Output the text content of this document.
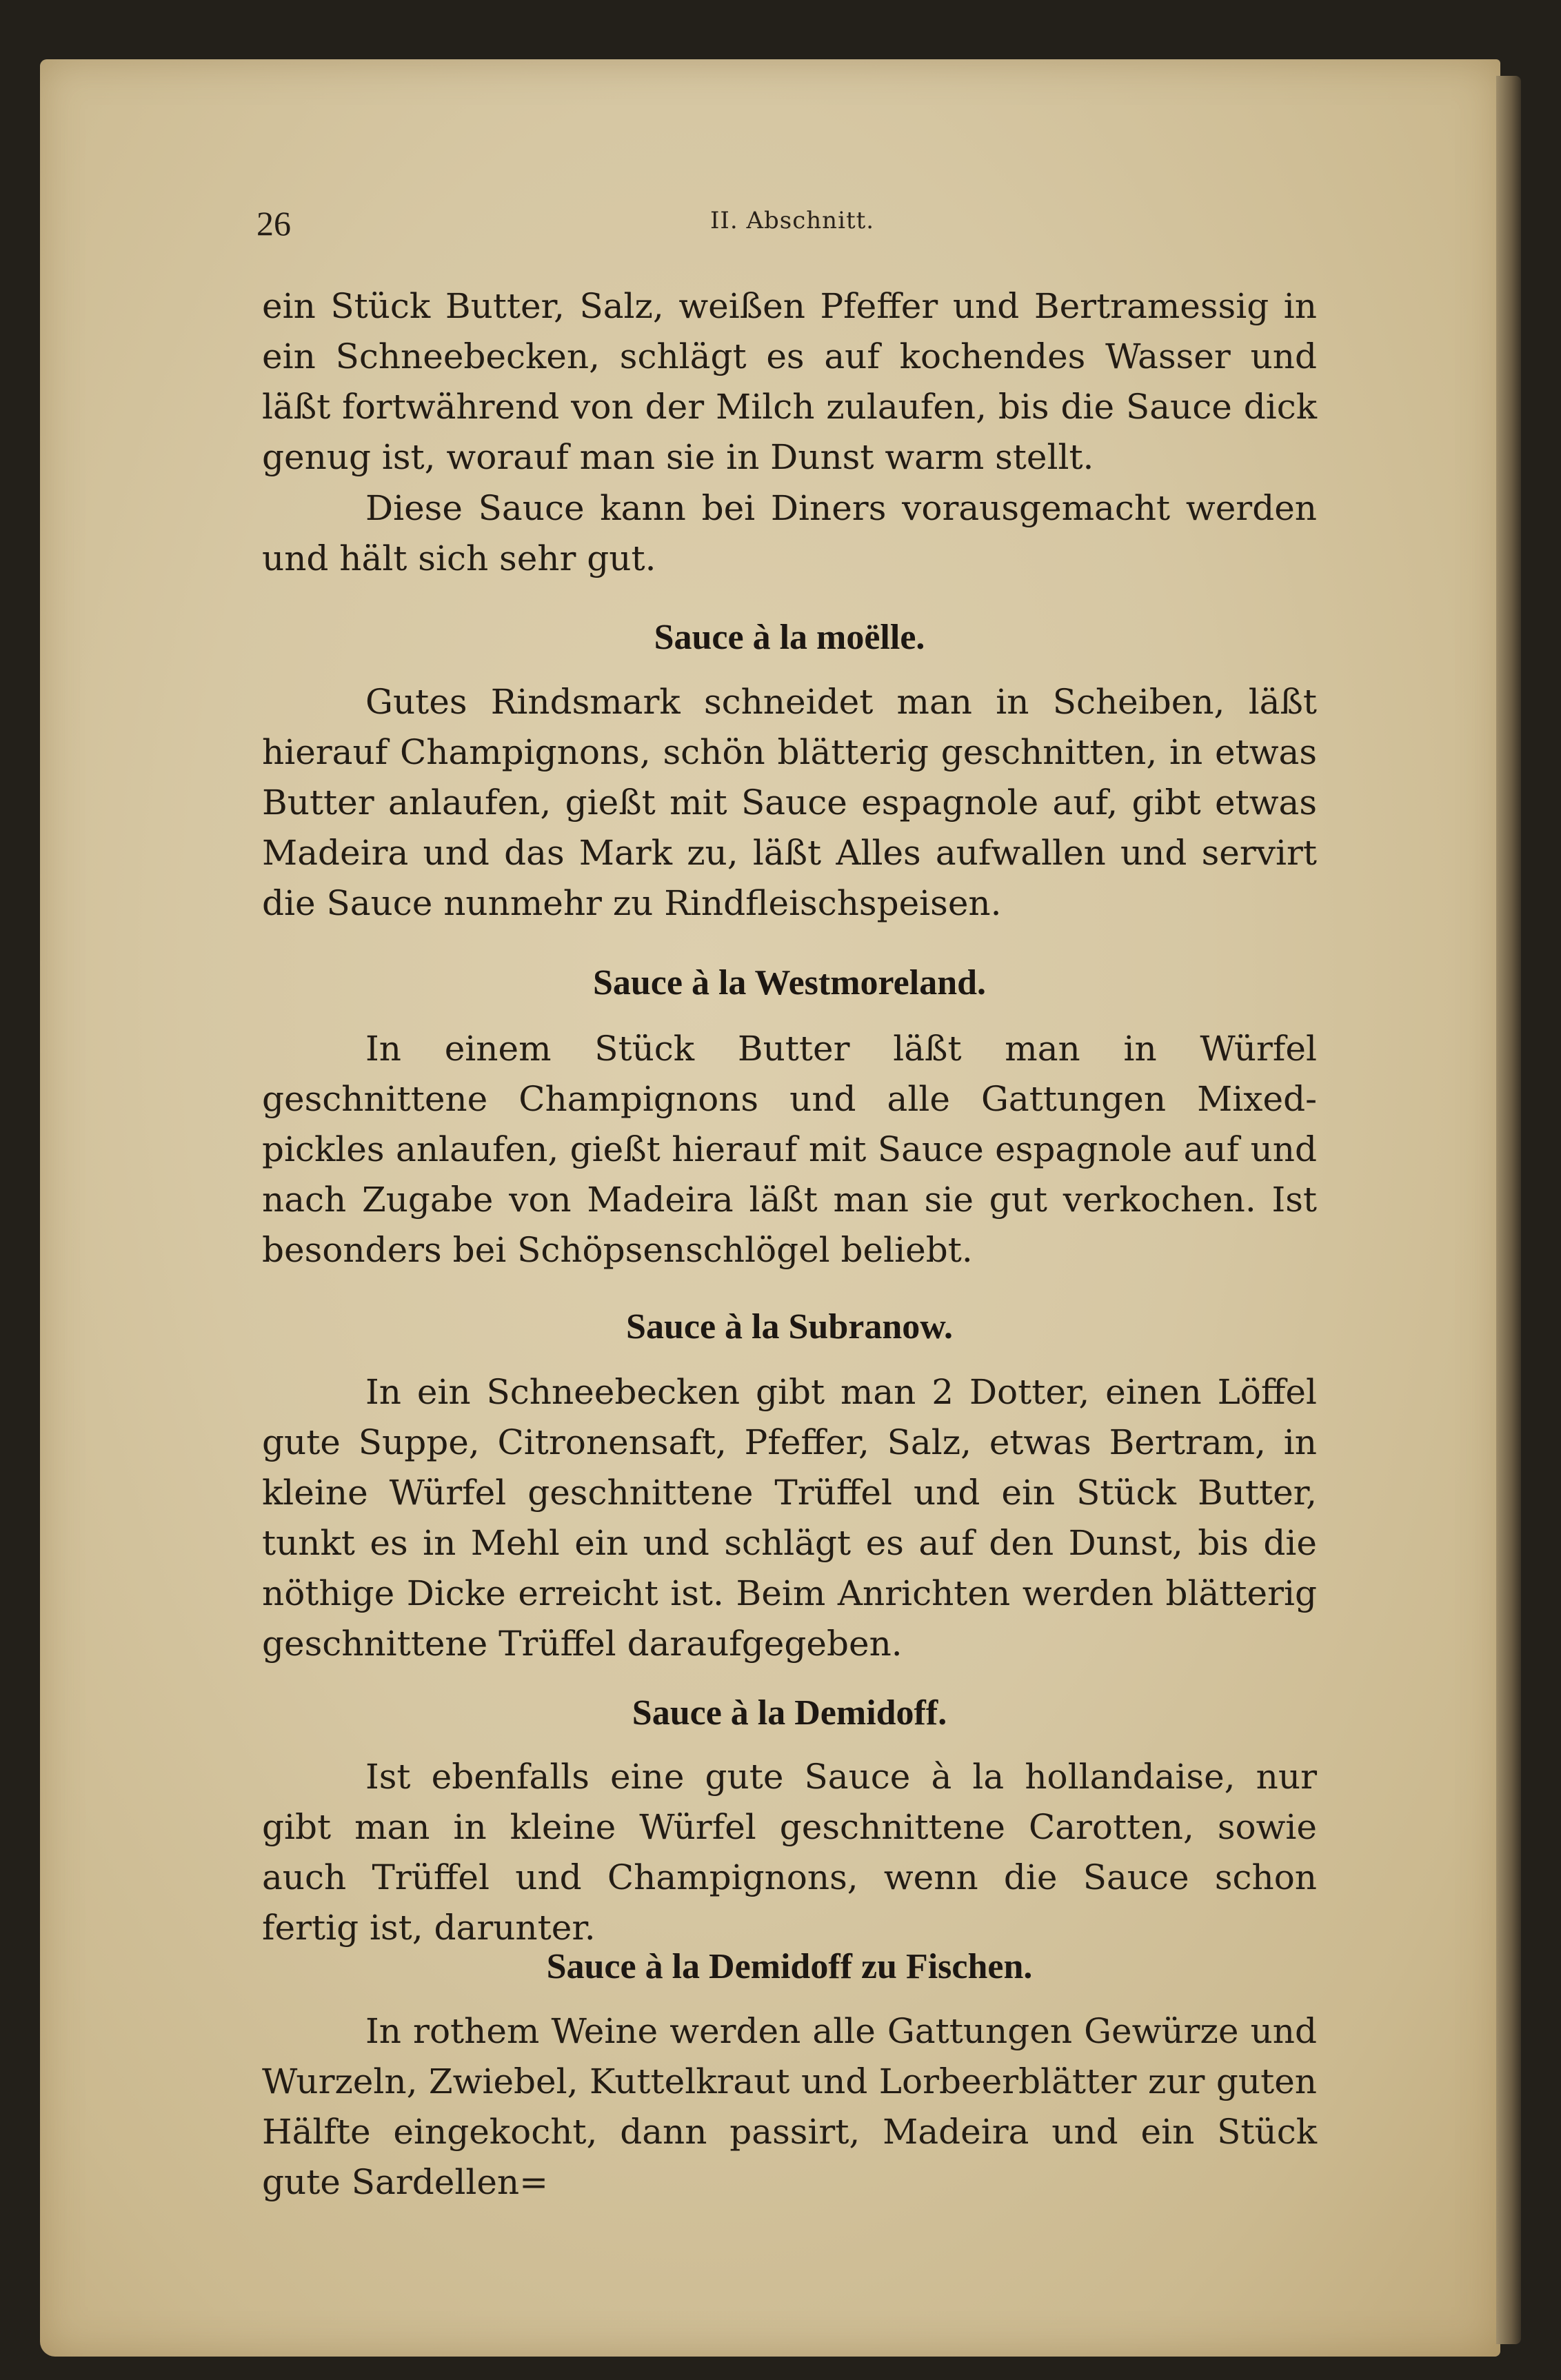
26	II. Abschnitt.

ein Stück Butter, Salz, weißen Pfeffer und Bertramessig in ein Schneebecken, schlägt es auf kochendes Wasser und läßt fortwährend von der Milch zulaufen, bis die Sauce dick genug ist, worauf man sie in Dunst warm stellt.

Diese Sauce kann bei Diners vorausgemacht werden und hält sich sehr gut.

Sauce à la moëlle.

Gutes Rindsmark schneidet man in Scheiben, läßt hierauf Champignons, schön blätterig geschnitten, in etwas Butter anlaufen, gießt mit Sauce espagnole auf, gibt etwas Madeira und das Mark zu, läßt Alles aufwallen und servirt die Sauce nunmehr zu Rindfleischspeisen.

Sauce à la Westmoreland.

In einem Stück Butter läßt man in Würfel geschnittene Champignons und alle Gattungen Mixed-pickles anlaufen, gießt hierauf mit Sauce espagnole auf und nach Zugabe von Madeira läßt man sie gut verkochen. Ist besonders bei Schöpsenschlögel beliebt.

Sauce à la Subranow.

In ein Schneebecken gibt man 2 Dotter, einen Löffel gute Suppe, Citronensaft, Pfeffer, Salz, etwas Bertram, in kleine Würfel geschnittene Trüffel und ein Stück Butter, tunkt es in Mehl ein und schlägt es auf den Dunst, bis die nöthige Dicke erreicht ist. Beim Anrichten werden blätterig geschnittene Trüffel daraufgegeben.

Sauce à la Demidoff.

Ist ebenfalls eine gute Sauce à la hollandaise, nur gibt man in kleine Würfel geschnittene Carotten, sowie auch Trüffel und Champignons, wenn die Sauce schon fertig ist, darunter.

Sauce à la Demidoff zu Fischen.

In rothem Weine werden alle Gattungen Gewürze und Wurzeln, Zwiebel, Kuttelkraut und Lorbeerblätter zur guten Hälfte eingekocht, dann passirt, Madeira und ein Stück gute Sardellen=
